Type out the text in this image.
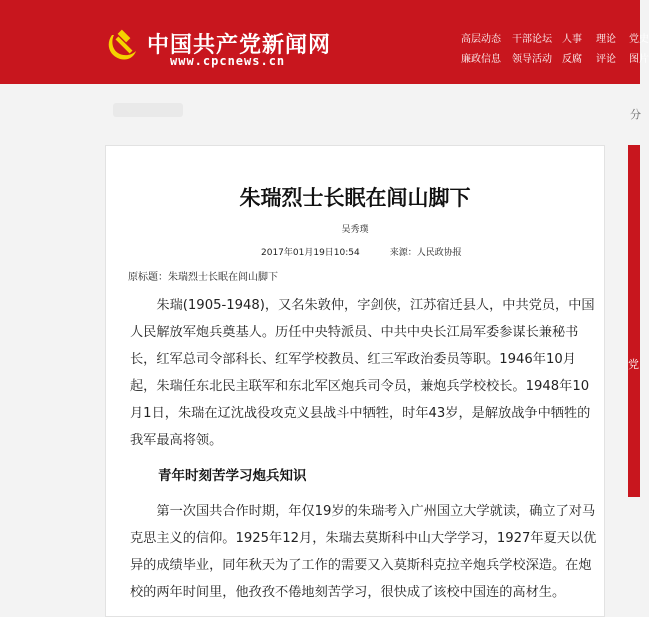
中国共产党新闻网
www.cpcnews.cn
高层动态 干部论坛 人事 理论 党史
廉政信息 领导活动 反腐 评论 图片
分
党
朱瑞烈士长眠在闾山脚下
吴秀璞
2017年01月19日10:54	来源：人民政协报
原标题：朱瑞烈士长眠在闾山脚下

朱瑞(1905-1948)，又名朱敦仲，字剑侠，江苏宿迁县人，中共党员，中国人民解放军炮兵奠基人。历任中央特派员、中共中央长江局军委参谋长兼秘书长，红军总司令部科长、红军学校教员、红三军政治委员等职。1946年10月起，朱瑞任东北民主联军和东北军区炮兵司令员，兼炮兵学校校长。1948年10月1日，朱瑞在辽沈战役攻克义县战斗中牺牲，时年43岁，是解放战争中牺牲的我军最高将领。

青年时刻苦学习炮兵知识

第一次国共合作时期，年仅19岁的朱瑞考入广州国立大学就读，确立了对马克思主义的信仰。1925年12月，朱瑞去莫斯科中山大学学习，1927年夏天以优异的成绩毕业，同年秋天为了工作的需要又入莫斯科克拉辛炮兵学校深造。在炮校的两年时间里，他孜孜不倦地刻苦学习，很快成了该校中国连的高材生。
